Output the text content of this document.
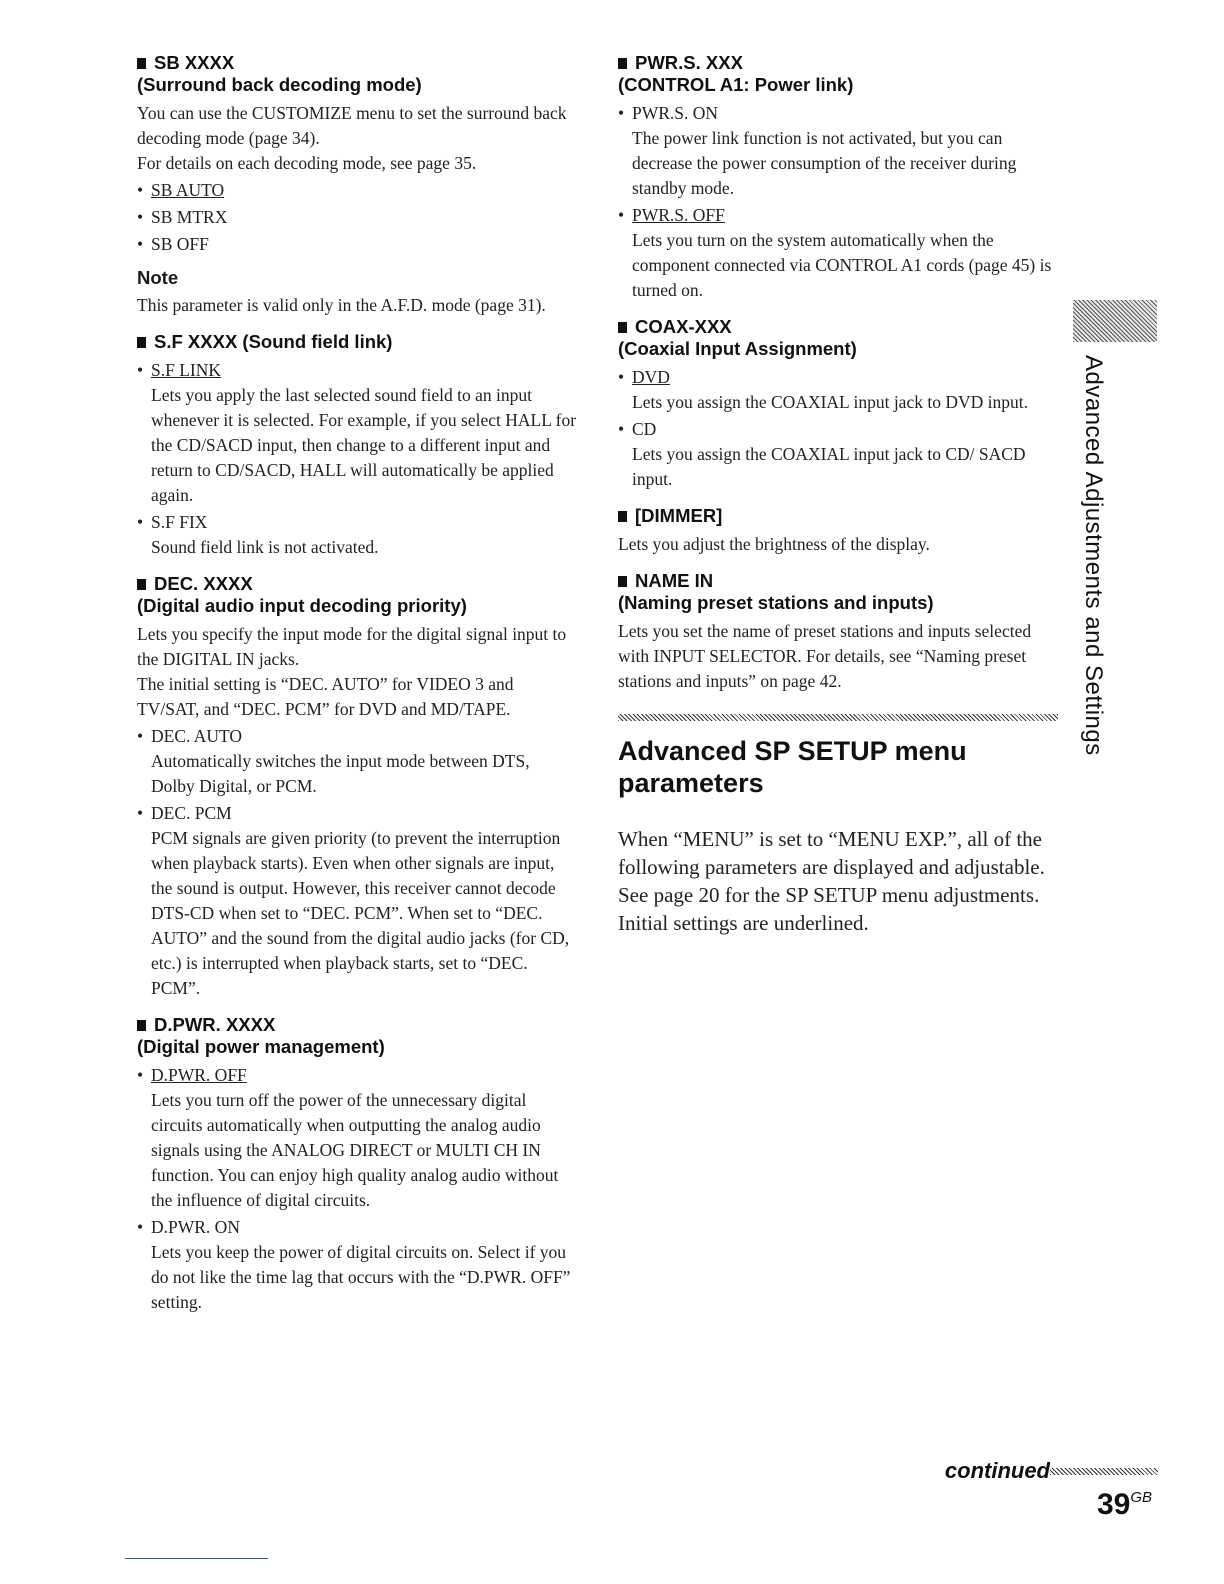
SB XXXX

(Surround back decoding mode)

You can use the CUSTOMIZE menu to set the surround back decoding mode (page 34).

For details on each decoding mode, see page 35.

• SB AUTO

• SB MTRX

• SB OFF

Note

This parameter is valid only in the A.F.D. mode (page 31).

S.F XXXX (Sound field link)

• S.F LINK

Lets you apply the last selected sound field to an input whenever it is selected. For example, if you select HALL for the CD/SACD input, then change to a different input and return to CD/SACD, HALL will automatically be applied again.

• S.F FIX

Sound field link is not activated.

DEC. XXXX

(Digital audio input decoding priority)

Lets you specify the input mode for the digital signal input to the DIGITAL IN jacks.

The initial setting is “DEC. AUTO” for VIDEO 3 and TV/SAT, and “DEC. PCM” for DVD and MD/TAPE.

• DEC. AUTO

Automatically switches the input mode between DTS, Dolby Digital, or PCM.

• DEC. PCM

PCM signals are given priority (to prevent the interruption when playback starts). Even when other signals are input, the sound is output. However, this receiver cannot decode DTS-CD when set to “DEC. PCM”. When set to “DEC. AUTO” and the sound from the digital audio jacks (for CD, etc.) is interrupted when playback starts, set to “DEC. PCM”.

D.PWR. XXXX

(Digital power management)

• D.PWR. OFF

Lets you turn off the power of the unnecessary digital circuits automatically when outputting the analog audio signals using the ANALOG DIRECT or MULTI CH IN function. You can enjoy high quality analog audio without the influence of digital circuits.

• D.PWR. ON

Lets you keep the power of digital circuits on. Select if you do not like the time lag that occurs with the “D.PWR. OFF” setting.

PWR.S. XXX

(CONTROL A1: Power link)

• PWR.S. ON

The power link function is not activated, but you can decrease the power consumption of the receiver during standby mode.

• PWR.S. OFF

Lets you turn on the system automatically when the component connected via CONTROL A1 cords (page 45) is turned on.

COAX-XXX

(Coaxial Input Assignment)

• DVD

Lets you assign the COAXIAL input jack to DVD input.

• CD

Lets you assign the COAXIAL input jack to CD/ SACD input.

[DIMMER]

Lets you adjust the brightness of the display.

NAME IN

(Naming preset stations and inputs)

Lets you set the name of preset stations and inputs selected with INPUT SELECTOR. For details, see “Naming preset stations and inputs” on page 42.

Advanced SP SETUP menu parameters

When “MENU” is set to “MENU EXP.”, all of the following parameters are displayed and adjustable.

See page 20 for the SP SETUP menu adjustments. Initial settings are underlined.

Advanced Adjustments and Settings
continued
$39^{GB}$
